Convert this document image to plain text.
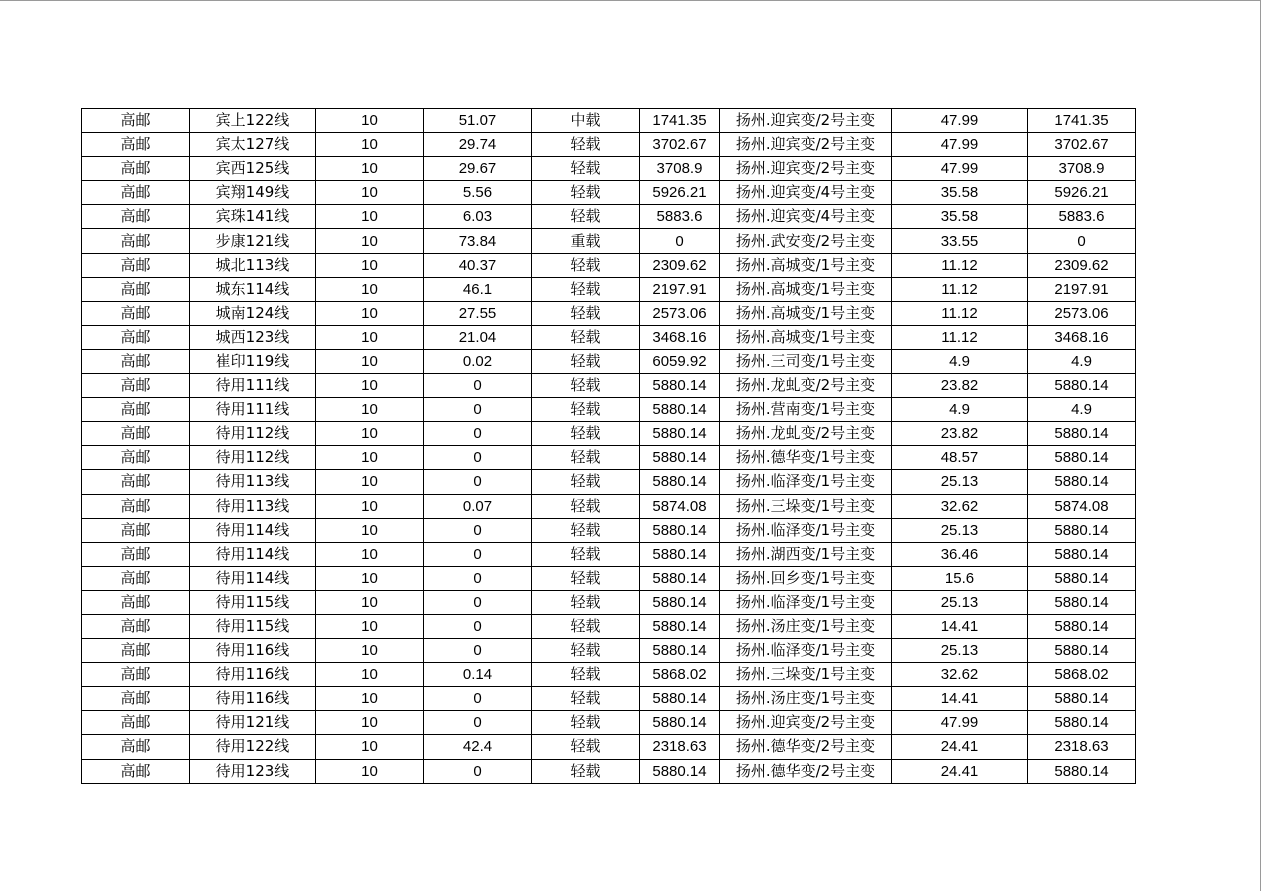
高邮	宾上122线	10	51.07	中载	1741.35	扬州.迎宾变/2号主变	47.99	1741.35
高邮	宾太127线	10	29.74	轻载	3702.67	扬州.迎宾变/2号主变	47.99	3702.67
高邮	宾西125线	10	29.67	轻载	3708.9	扬州.迎宾变/2号主变	47.99	3708.9
高邮	宾翔149线	10	5.56	轻载	5926.21	扬州.迎宾变/4号主变	35.58	5926.21
高邮	宾珠141线	10	6.03	轻载	5883.6	扬州.迎宾变/4号主变	35.58	5883.6
高邮	步康121线	10	73.84	重载	0	扬州.武安变/2号主变	33.55	0
高邮	城北113线	10	40.37	轻载	2309.62	扬州.高城变/1号主变	11.12	2309.62
高邮	城东114线	10	46.1	轻载	2197.91	扬州.高城变/1号主变	11.12	2197.91
高邮	城南124线	10	27.55	轻载	2573.06	扬州.高城变/1号主变	11.12	2573.06
高邮	城西123线	10	21.04	轻载	3468.16	扬州.高城变/1号主变	11.12	3468.16
高邮	崔印119线	10	0.02	轻载	6059.92	扬州.三司变/1号主变	4.9	4.9
高邮	待用111线	10	0	轻载	5880.14	扬州.龙虬变/2号主变	23.82	5880.14
高邮	待用111线	10	0	轻载	5880.14	扬州.营南变/1号主变	4.9	4.9
高邮	待用112线	10	0	轻载	5880.14	扬州.龙虬变/2号主变	23.82	5880.14
高邮	待用112线	10	0	轻载	5880.14	扬州.德华变/1号主变	48.57	5880.14
高邮	待用113线	10	0	轻载	5880.14	扬州.临泽变/1号主变	25.13	5880.14
高邮	待用113线	10	0.07	轻载	5874.08	扬州.三垛变/1号主变	32.62	5874.08
高邮	待用114线	10	0	轻载	5880.14	扬州.临泽变/1号主变	25.13	5880.14
高邮	待用114线	10	0	轻载	5880.14	扬州.湖西变/1号主变	36.46	5880.14
高邮	待用114线	10	0	轻载	5880.14	扬州.回乡变/1号主变	15.6	5880.14
高邮	待用115线	10	0	轻载	5880.14	扬州.临泽变/1号主变	25.13	5880.14
高邮	待用115线	10	0	轻载	5880.14	扬州.汤庄变/1号主变	14.41	5880.14
高邮	待用116线	10	0	轻载	5880.14	扬州.临泽变/1号主变	25.13	5880.14
高邮	待用116线	10	0.14	轻载	5868.02	扬州.三垛变/1号主变	32.62	5868.02
高邮	待用116线	10	0	轻载	5880.14	扬州.汤庄变/1号主变	14.41	5880.14
高邮	待用121线	10	0	轻载	5880.14	扬州.迎宾变/2号主变	47.99	5880.14
高邮	待用122线	10	42.4	轻载	2318.63	扬州.德华变/2号主变	24.41	2318.63
高邮	待用123线	10	0	轻载	5880.14	扬州.德华变/2号主变	24.41	5880.14
